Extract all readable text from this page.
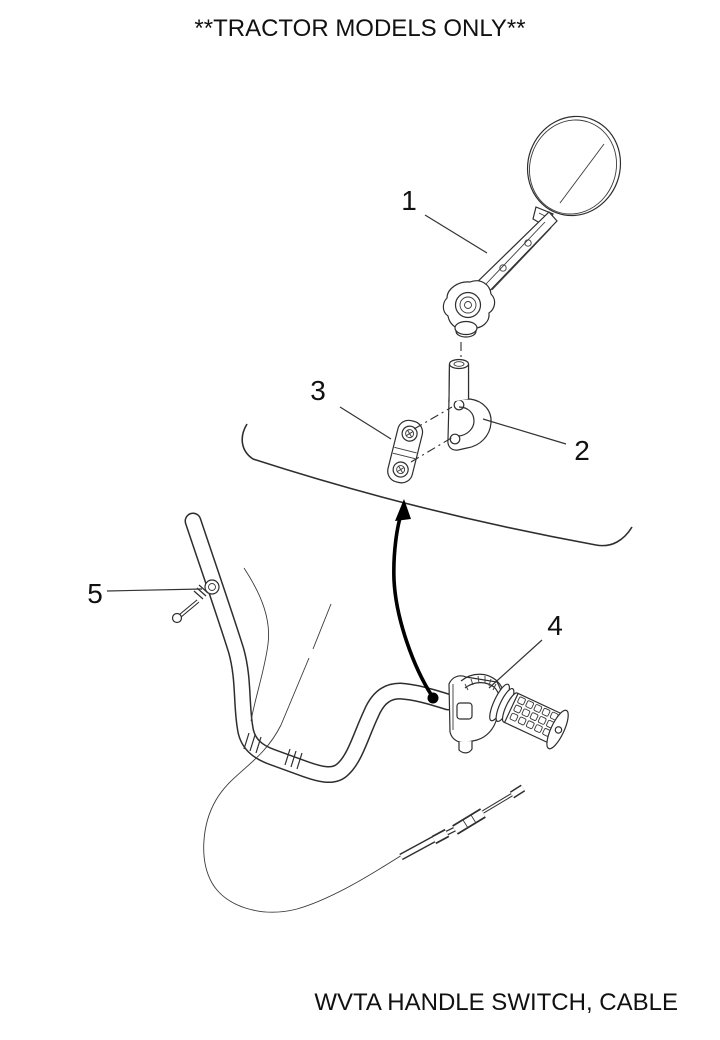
**TRACTOR MODELS ONLY**
1
2
3
4
5
WVTA HANDLE SWITCH, CABLE
